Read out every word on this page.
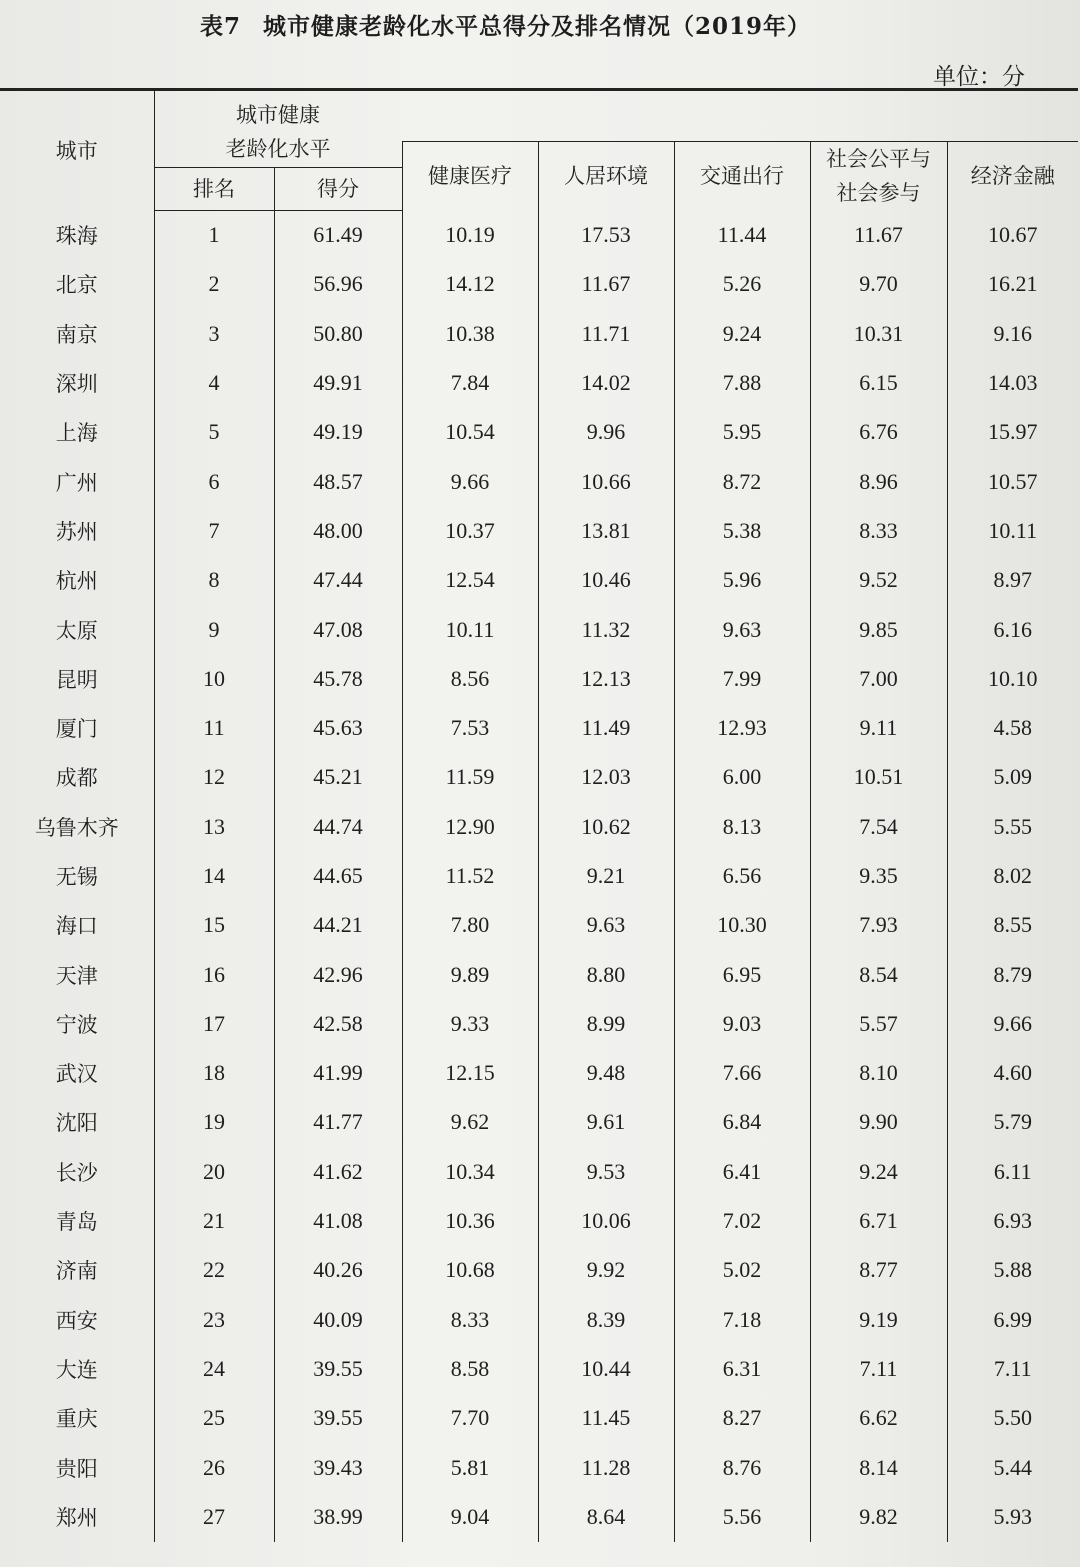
表7 城市健康老龄化水平总得分及排名情况（2019年）
单位：分
城市	城市健康
老龄化水平						

			健康医疗	人居环境	交通出行	社会公平与
社会参与	经济金融
	排名	得分					
珠海	1	61.49	10.19	17.53	11.44	11.67	10.67
北京	2	56.96	14.12	11.67	5.26	9.70	16.21
南京	3	50.80	10.38	11.71	9.24	10.31	9.16
深圳	4	49.91	7.84	14.02	7.88	6.15	14.03
上海	5	49.19	10.54	9.96	5.95	6.76	15.97
广州	6	48.57	9.66	10.66	8.72	8.96	10.57
苏州	7	48.00	10.37	13.81	5.38	8.33	10.11
杭州	8	47.44	12.54	10.46	5.96	9.52	8.97
太原	9	47.08	10.11	11.32	9.63	9.85	6.16
昆明	10	45.78	8.56	12.13	7.99	7.00	10.10
厦门	11	45.63	7.53	11.49	12.93	9.11	4.58
成都	12	45.21	11.59	12.03	6.00	10.51	5.09
乌鲁木齐	13	44.74	12.90	10.62	8.13	7.54	5.55
无锡	14	44.65	11.52	9.21	6.56	9.35	8.02
海口	15	44.21	7.80	9.63	10.30	7.93	8.55
天津	16	42.96	9.89	8.80	6.95	8.54	8.79
宁波	17	42.58	9.33	8.99	9.03	5.57	9.66
武汉	18	41.99	12.15	9.48	7.66	8.10	4.60
沈阳	19	41.77	9.62	9.61	6.84	9.90	5.79
长沙	20	41.62	10.34	9.53	6.41	9.24	6.11
青岛	21	41.08	10.36	10.06	7.02	6.71	6.93
济南	22	40.26	10.68	9.92	5.02	8.77	5.88
西安	23	40.09	8.33	8.39	7.18	9.19	6.99
大连	24	39.55	8.58	10.44	6.31	7.11	7.11
重庆	25	39.55	7.70	11.45	8.27	6.62	5.50
贵阳	26	39.43	5.81	11.28	8.76	8.14	5.44
郑州	27	38.99	9.04	8.64	5.56	9.82	5.93
